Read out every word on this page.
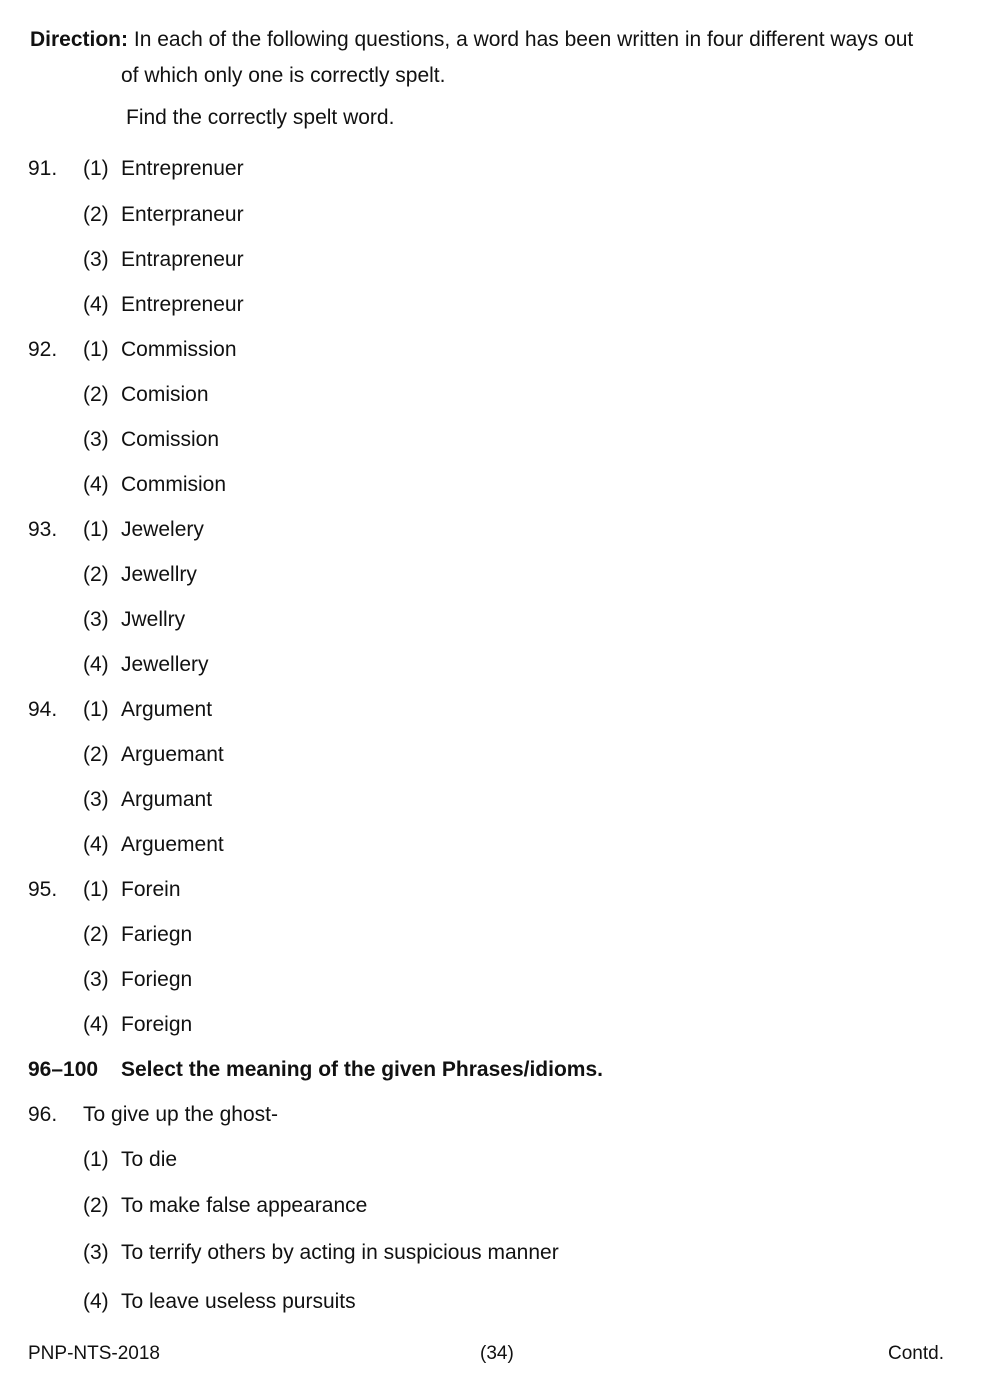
Direction: In each of the following questions, a word has been written in four different ways out
of which only one is correctly spelt.
Find the correctly spelt word.
91. (1) Entreprenuer
(2) Enterpraneur
(3) Entrapreneur
(4) Entrepreneur
92. (1) Commission
(2) Comision
(3) Comission
(4) Commision
93. (1) Jewelery
(2) Jewellry
(3) Jwellry
(4) Jewellery
94. (1) Argument
(2) Arguemant
(3) Argumant
(4) Arguement
95. (1) Forein
(2) Fariegn
(3) Foriegn
(4) Foreign
96–100 Select the meaning of the given Phrases/idioms.
96. To give up the ghost-
(1) To die
(2) To make false appearance
(3) To terrify others by acting in suspicious manner
(4) To leave useless pursuits
PNP-NTS-2018	(34)	Contd.
